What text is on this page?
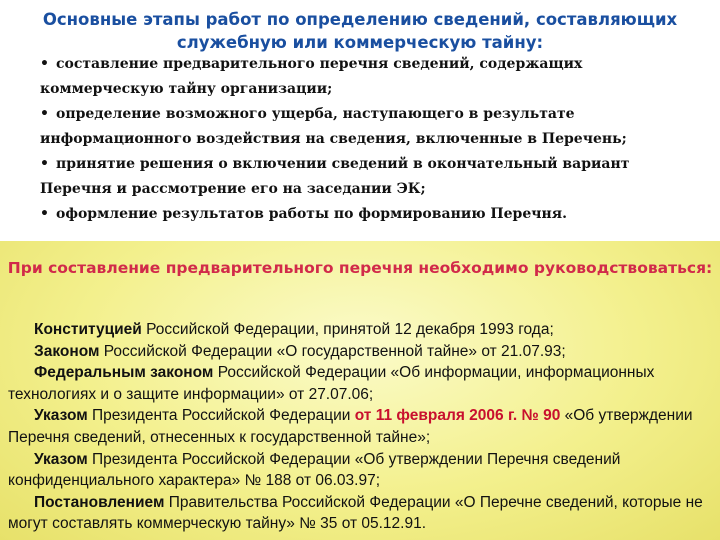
Основные этапы работ по определению сведений, составляющих служебную или коммерческую тайну:
• составление предварительного перечня сведений, содержащих коммерческую тайну организации;
• определение возможного ущерба, наступающего в результате информационного воздействия на сведения, включенные в Перечень;
• принятие решения о включении сведений в окончательный вариант Перечня и рассмотрение его на заседании ЭК;
• оформление результатов работы по формированию Перечня.
При составление предварительного перечня необходимо руководствоваться:

Конституцией Российской Федерации, принятой 12 декабря 1993 года;

Законом Российской Федерации «О государственной тайне» от 21.07.93;

Федеральным законом Российской Федерации «Об информации, информационных технологиях и о защите информации» от 27.07.06;

Указом Президента Российской Федерации от 11 февраля 2006 г. № 90 «Об утверждении Перечня сведений, отнесенных к государственной тайне»;

Указом Президента Российской Федерации «Об утверждении Перечня сведений конфиденциального характера» № 188 от 06.03.97;

Постановлением Правительства Российской Федерации «О Перечне сведений, которые не могут составлять коммерческую тайну» № 35 от 05.12.91.
